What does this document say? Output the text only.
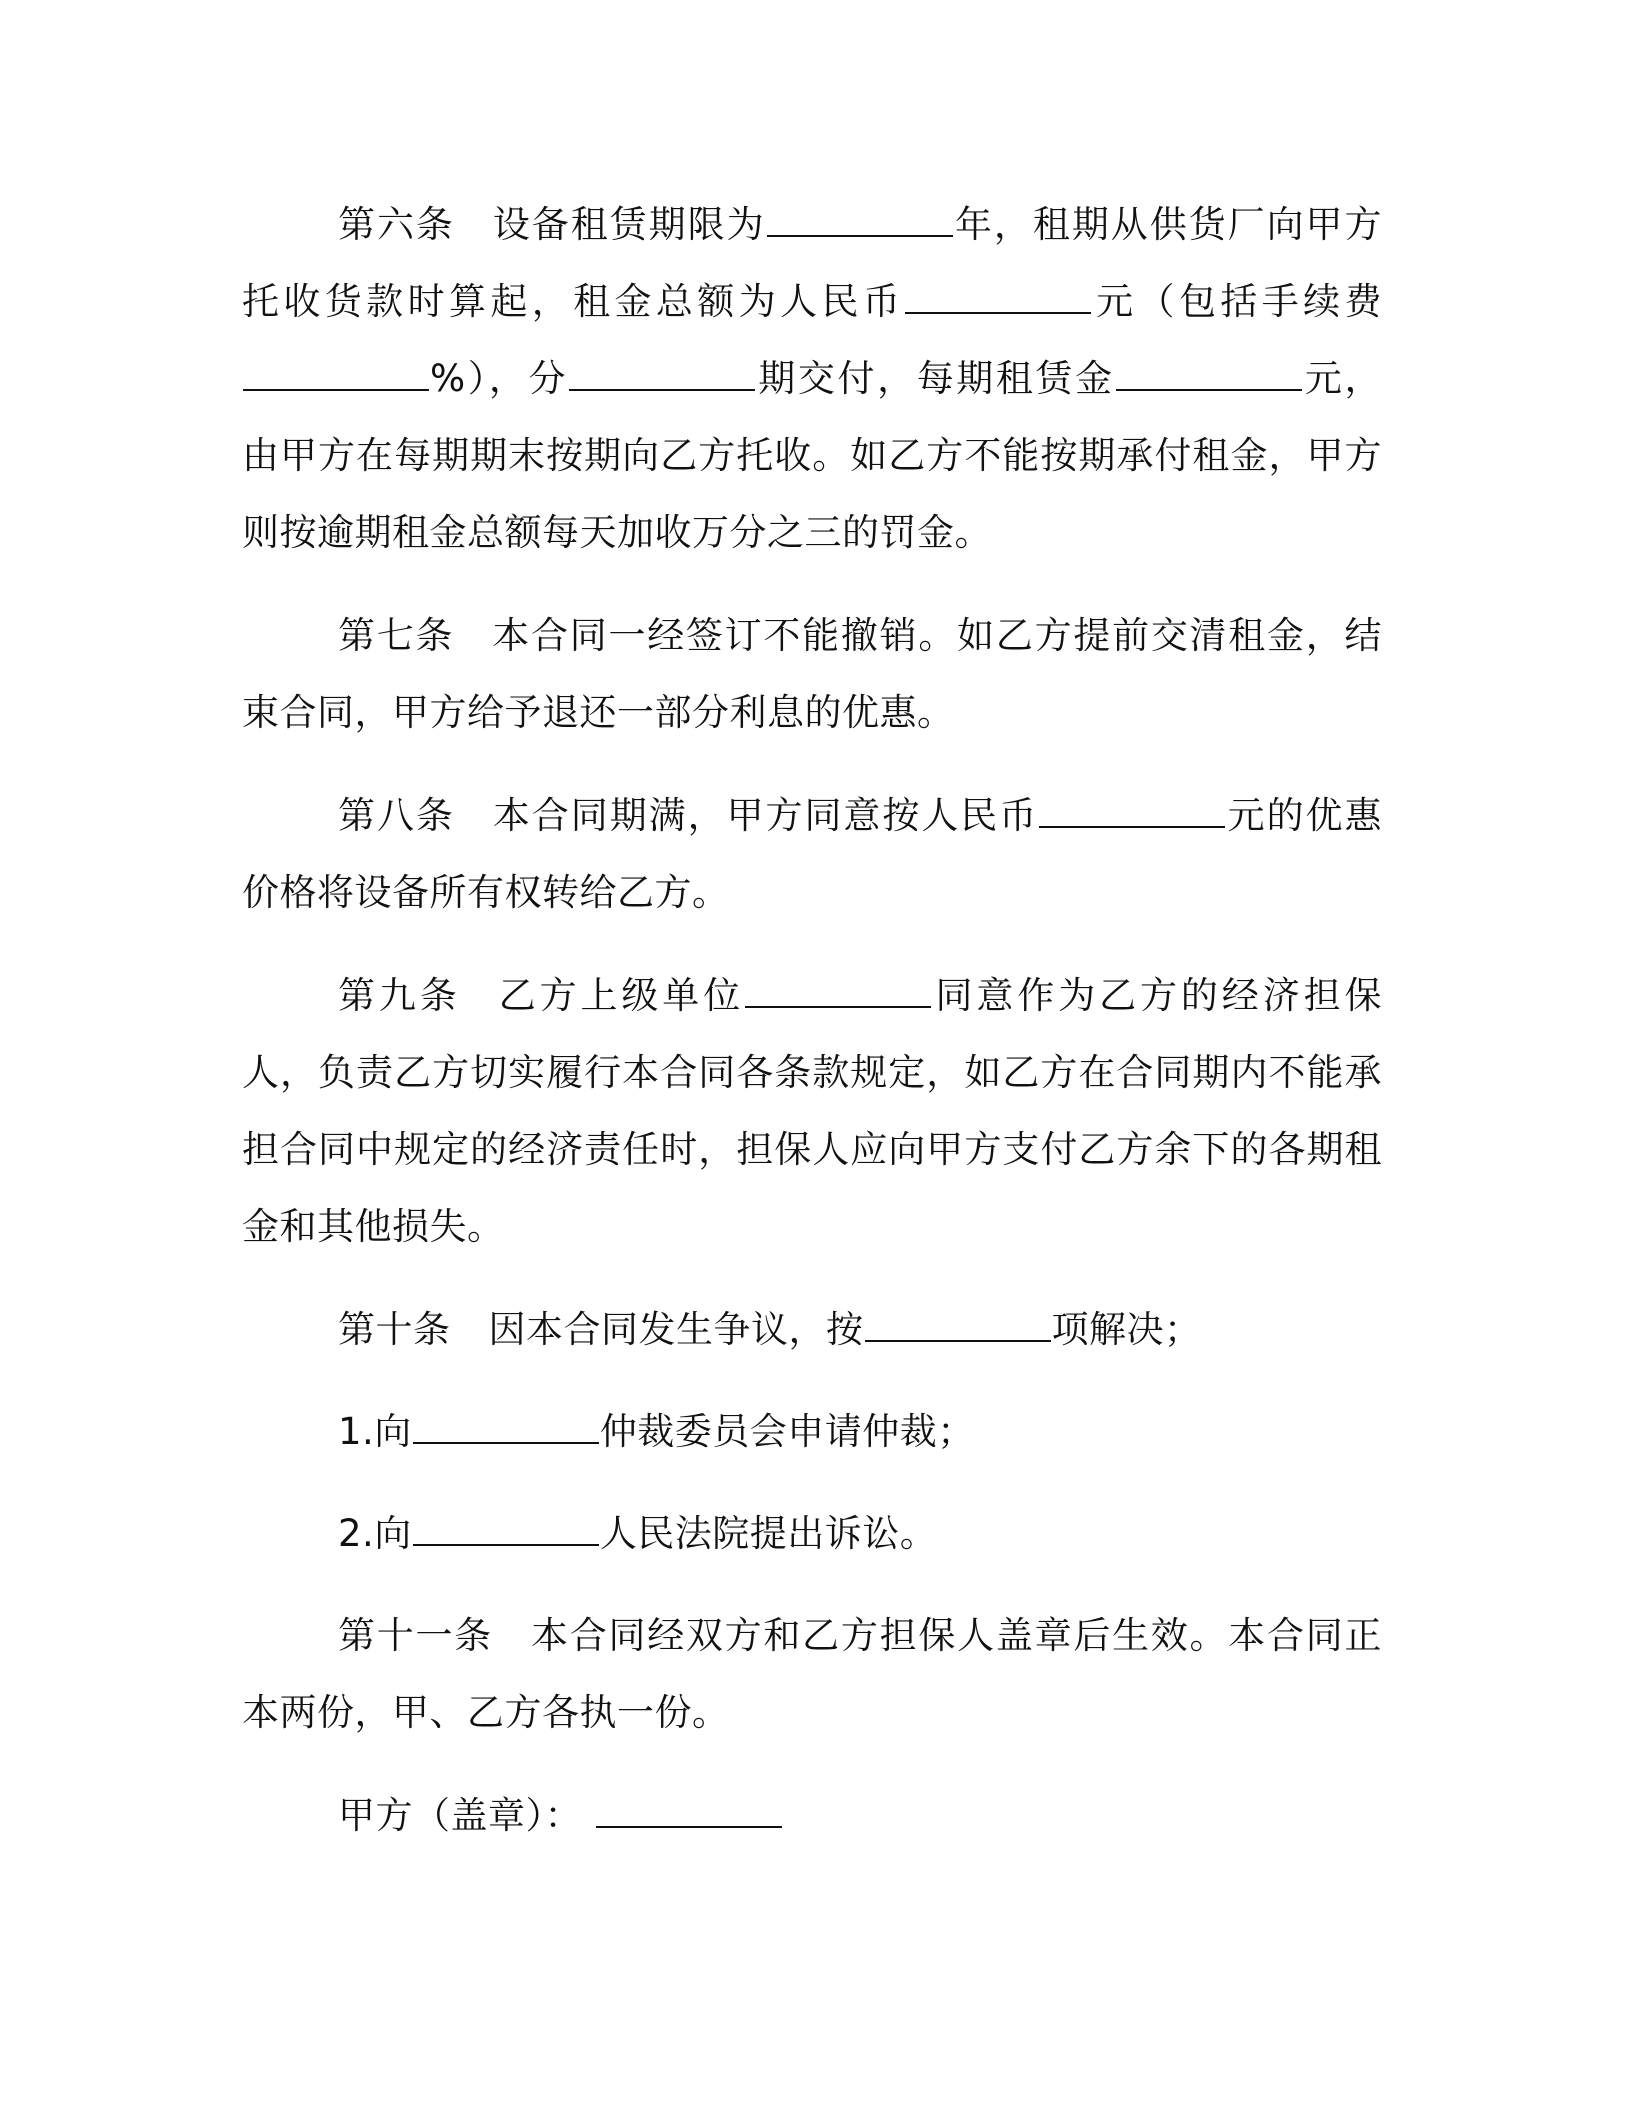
第六条 设备租赁期限为	年，租期从供货厂向甲方托收货款时算起，租金总额为人民币	元（包括手续费%），分	期交付，每期租赁金	元，由甲方在每期期末按期向乙方托收。如乙方不能按期承付租金，甲方则按逾期租金总额每天加收万分之三的罚金。

第七条 本合同一经签订不能撤销。如乙方提前交清租金，结束合同，甲方给予退还一部分利息的优惠。

第八条 本合同期满，甲方同意按人民币	元的优惠价格将设备所有权转给乙方。

第九条 乙方上级单位	同意作为乙方的经济担保人，负责乙方切实履行本合同各条款规定，如乙方在合同期内不能承担合同中规定的经济责任时，担保人应向甲方支付乙方余下的各期租金和其他损失。

第十条 因本合同发生争议，按	项解决；

1.向	仲裁委员会申请仲裁；

2.向	人民法院提出诉讼。

第十一条 本合同经双方和乙方担保人盖章后生效。本合同正本两份，甲、乙方各执一份。

甲方（盖章）：
